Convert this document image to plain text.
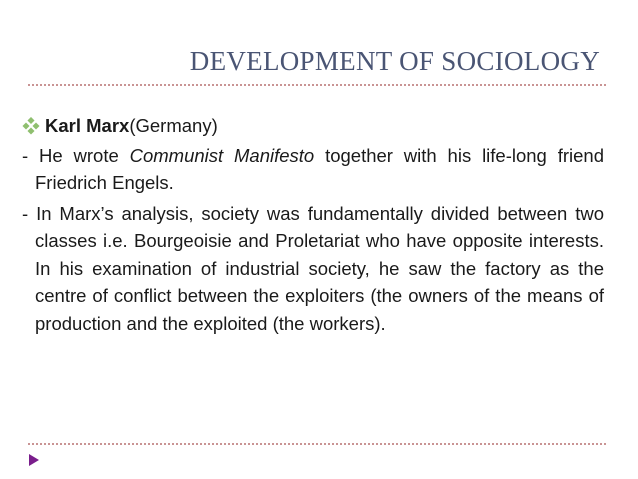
DEVELOPMENT OF SOCIOLOGY
Karl Marx (Germany)
- He wrote Communist Manifesto together with his life-long friend Friedrich Engels.
- In Marx’s analysis, society was fundamentally divided between two classes i.e. Bourgeoisie and Proletariat who have opposite interests. In his examination of industrial society, he saw the factory as the centre of conflict between the exploiters (the owners of the means of production and the exploited (the workers).
